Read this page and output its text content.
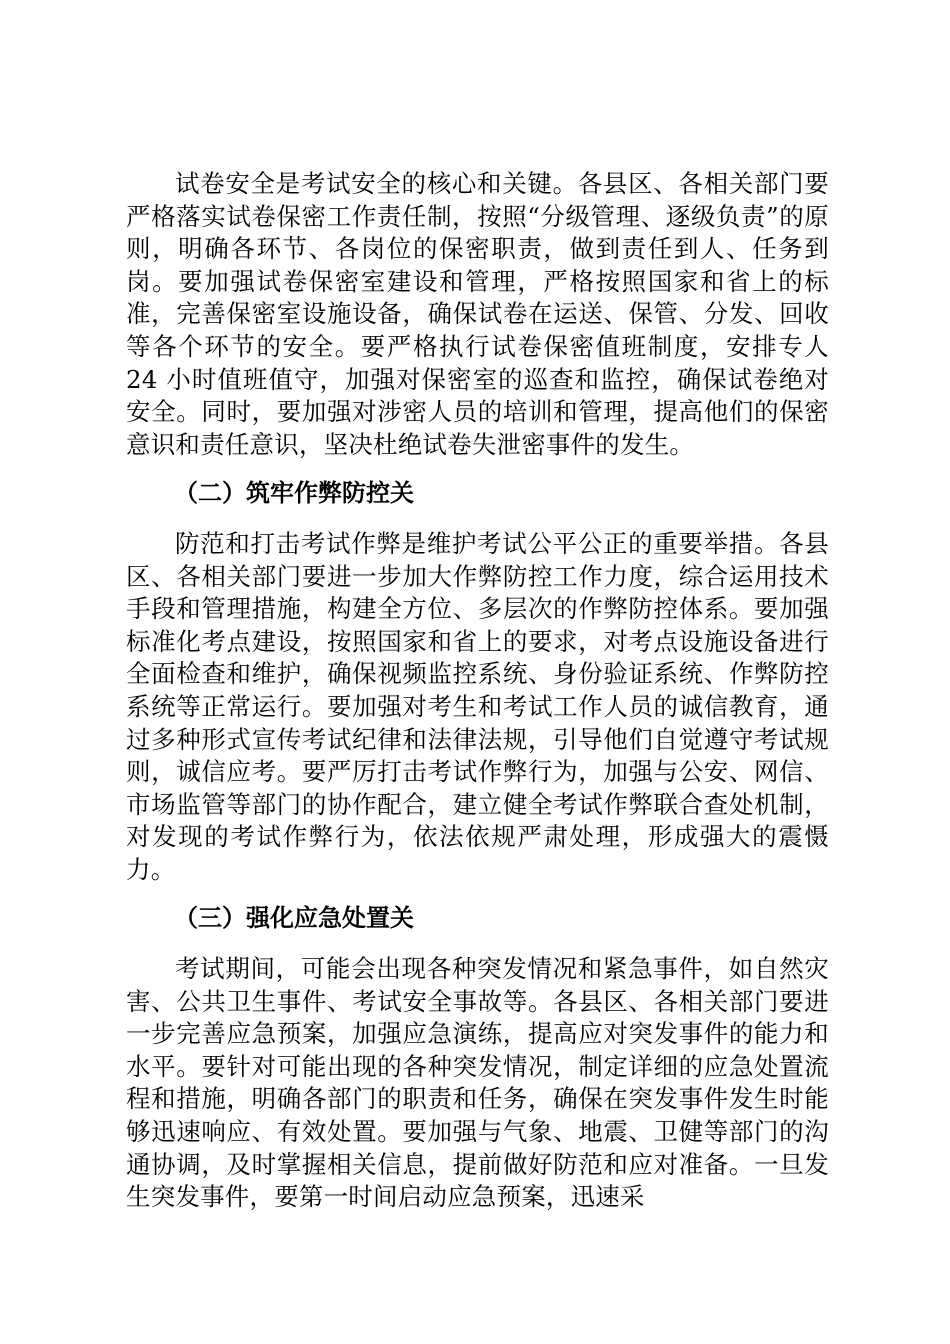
试卷安全是考试安全的核心和关键。各县区、各相关部门要严格落实试卷保密工作责任制，按照“分级管理、逐级负责”的原则，明确各环节、各岗位的保密职责，做到责任到人、任务到岗。要加强试卷保密室建设和管理，严格按照国家和省上的标准，完善保密室设施设备，确保试卷在运送、保管、分发、回收等各个环节的安全。要严格执行试卷保密值班制度，安排专人 24 小时值班值守，加强对保密室的巡查和监控，确保试卷绝对安全。同时，要加强对涉密人员的培训和管理，提高他们的保密意识和责任意识，坚决杜绝试卷失泄密事件的发生。

（二）筑牢作弊防控关

防范和打击考试作弊是维护考试公平公正的重要举措。各县区、各相关部门要进一步加大作弊防控工作力度，综合运用技术手段和管理措施，构建全方位、多层次的作弊防控体系。要加强标准化考点建设，按照国家和省上的要求，对考点设施设备进行全面检查和维护，确保视频监控系统、身份验证系统、作弊防控系统等正常运行。要加强对考生和考试工作人员的诚信教育，通过多种形式宣传考试纪律和法律法规，引导他们自觉遵守考试规则，诚信应考。要严厉打击考试作弊行为，加强与公安、网信、市场监管等部门的协作配合，建立健全考试作弊联合查处机制，对发现的考试作弊行为，依法依规严肃处理，形成强大的震慑力。

（三）强化应急处置关

考试期间，可能会出现各种突发情况和紧急事件，如自然灾害、公共卫生事件、考试安全事故等。各县区、各相关部门要进一步完善应急预案，加强应急演练，提高应对突发事件的能力和水平。要针对可能出现的各种突发情况，制定详细的应急处置流程和措施，明确各部门的职责和任务，确保在突发事件发生时能够迅速响应、有效处置。要加强与气象、地震、卫健等部门的沟通协调，及时掌握相关信息，提前做好防范和应对准备。一旦发生突发事件，要第一时间启动应急预案，迅速采
